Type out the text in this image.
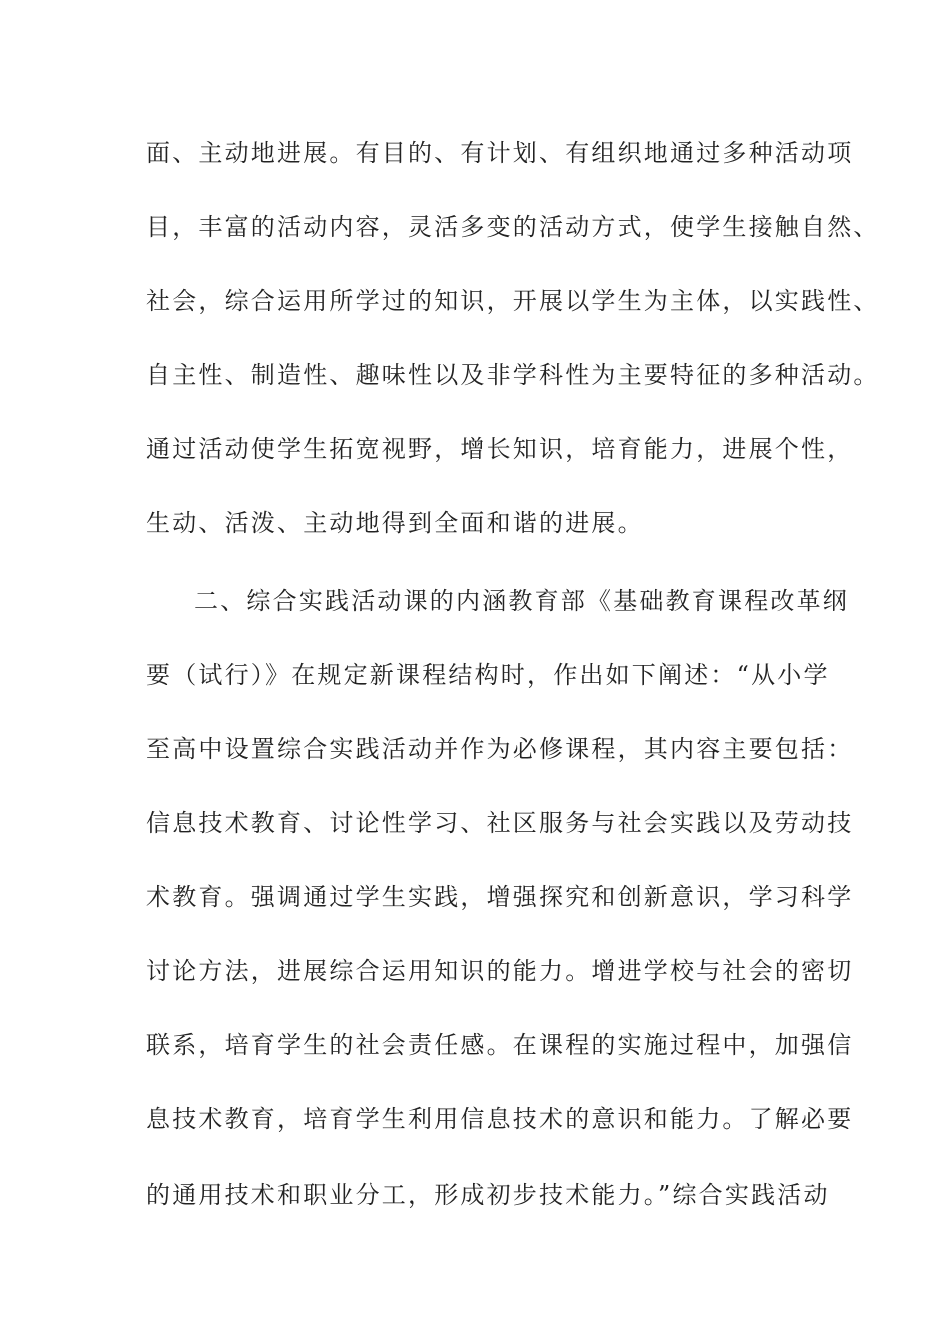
面、主动地进展。有目的、有计划、有组织地通过多种活动项
目，丰富的活动内容，灵活多变的活动方式，使学生接触自然、
社会，综合运用所学过的知识，开展以学生为主体，以实践性、
自主性、制造性、趣味性以及非学科性为主要特征的多种活动。
通过活动使学生拓宽视野，增长知识，培育能力，进展个性，
生动、活泼、主动地得到全面和谐的进展。
二、综合实践活动课的内涵教育部《基础教育课程改革纲
要（试行）》在规定新课程结构时，作出如下阐述：“从小学
至高中设置综合实践活动并作为必修课程，其内容主要包括：
信息技术教育、讨论性学习、社区服务与社会实践以及劳动技
术教育。强调通过学生实践，增强探究和创新意识，学习科学
讨论方法，进展综合运用知识的能力。增进学校与社会的密切
联系，培育学生的社会责任感。在课程的实施过程中，加强信
息技术教育，培育学生利用信息技术的意识和能力。了解必要
的通用技术和职业分工，形成初步技术能力。”综合实践活动
